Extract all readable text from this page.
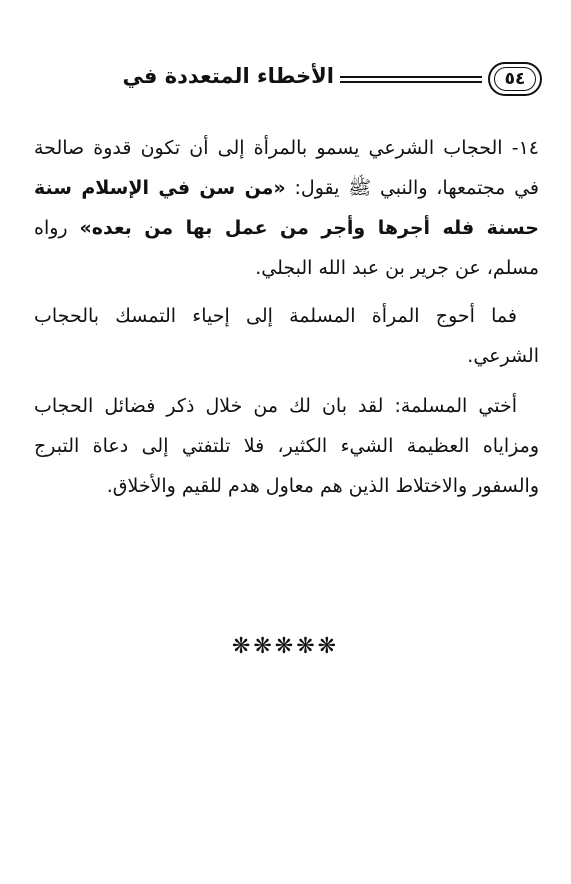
٥٤
الأخطاء المتعددة في

١٤- الحجاب الشرعي يسمو بالمرأة إلى أن تكون قدوة صالحة في مجتمعها، والنبي ﷺ يقول: «من سن في الإسلام سنة حسنة فله أجرها وأجر من عمل بها من بعده» رواه مسلم، عن جرير بن عبد الله البجلي.

فما أحوج المرأة المسلمة إلى إحياء التمسك بالحجاب الشرعي.

أختي المسلمة: لقد بان لك من خلال ذكر فضائل الحجاب ومزاياه العظيمة الشيء الكثير، فلا تلتفتي إلى دعاة التبرج والسفور والاختلاط الذين هم معاول هدم للقيم والأخلاق.

❋❋❋❋❋
